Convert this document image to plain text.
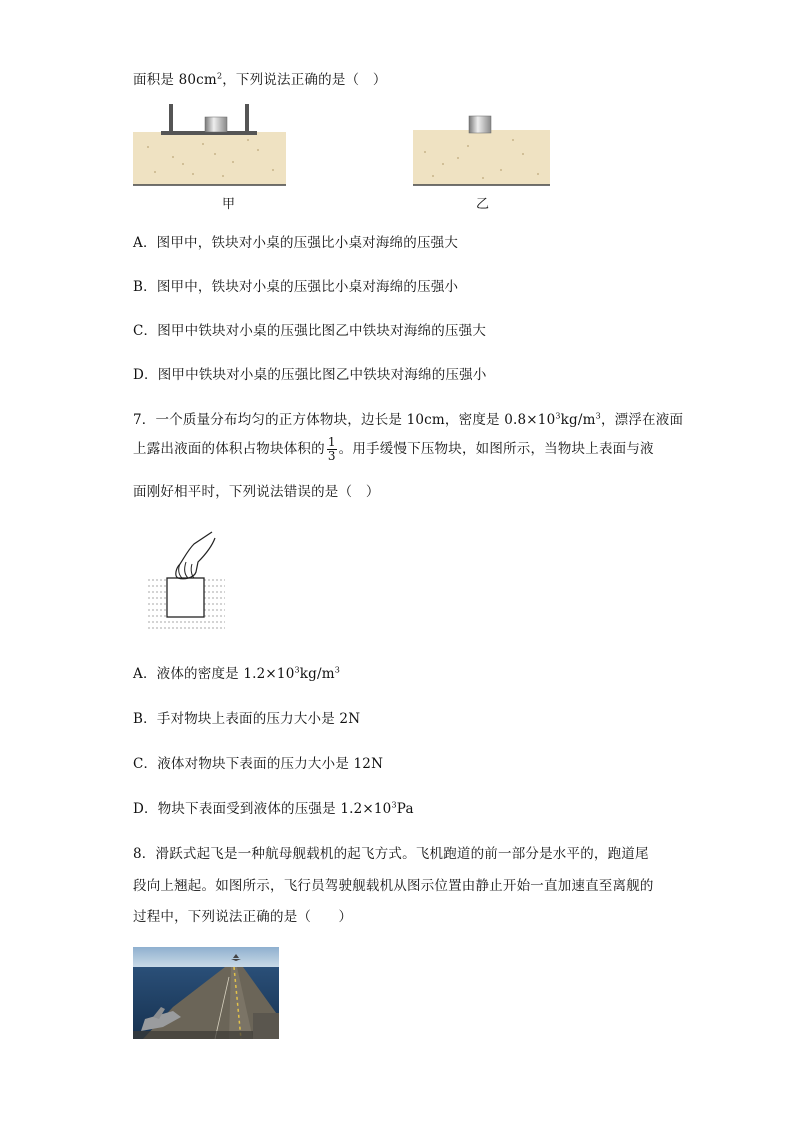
面积是 $80cm^2$，下列说法正确的是（　）
甲	乙
A．图甲中，铁块对小桌的压强比小桌对海绵的压强大
B．图甲中，铁块对小桌的压强比小桌对海绵的压强小
C．图甲中铁块对小桌的压强比图乙中铁块对海绵的压强大
D．图甲中铁块对小桌的压强比图乙中铁块对海绵的压强小
7．一个质量分布均匀的正方体物块，边长是 10cm，密度是 $0.8\times 10^3kg/m^3$，漂浮在液面
上露出液面的体积占物块体积的 $\frac{1}{3}$ 。用手缓慢下压物块，如图所示，当物块上表面与液
面刚好相平时，下列说法错误的是（　）
A．液体的密度是 $1.2\times 10^3kg/m^3$
B．手对物块上表面的压力大小是 2N
C．液体对物块下表面的压力大小是 12N
D．物块下表面受到液体的压强是 $1.2\times 10^3Pa$
8．滑跃式起飞是一种航母舰载机的起飞方式。飞机跑道的前一部分是水平的，跑道尾
段向上翘起。如图所示，飞行员驾驶舰载机从图示位置由静止开始一直加速直至离舰的
过程中，下列说法正确的是（　　）
